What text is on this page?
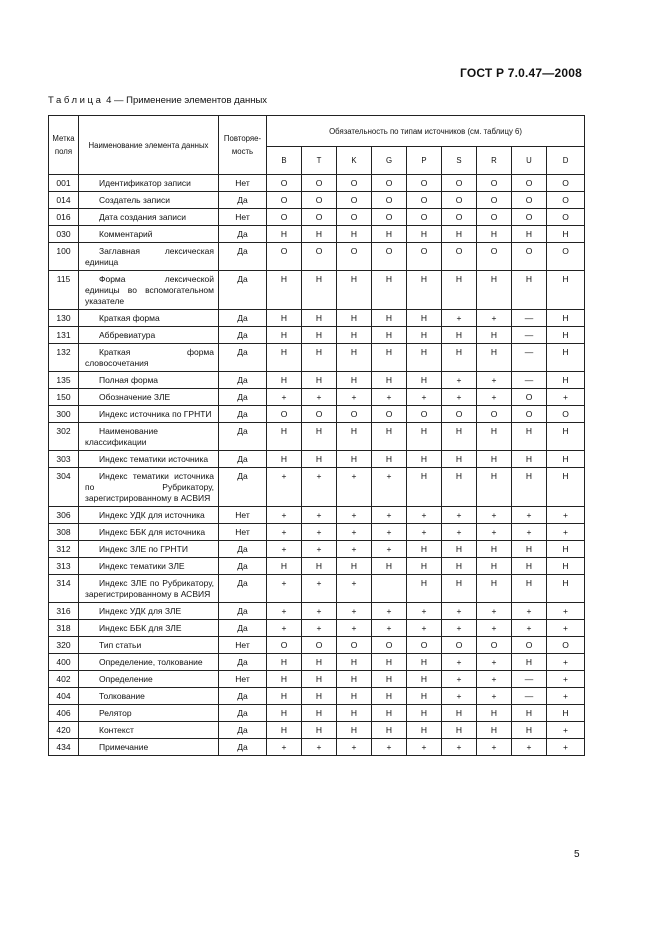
ГОСТ Р 7.0.47—2008
Таблица 4 — Применение элементов данных
Метка поля	Наименование элемента данных	Повторяе-мость	Обязательность по типам источников (см. таблицу 6)								
			B	T	K	G	P	S	R	U	D
001	Идентификатор записи	Нет	О	О	О	О	О	О	О	О	О
014	Создатель записи	Да	О	О	О	О	О	О	О	О	О
016	Дата создания записи	Нет	О	О	О	О	О	О	О	О	О
030	Комментарий	Да	Н	Н	Н	Н	Н	Н	Н	Н	Н
100	Заглавная лексическая единица	Да	О	О	О	О	О	О	О	О	О
115	Форма лексической единицы во вспомогательном указателе	Да	Н	Н	Н	Н	Н	Н	Н	Н	Н
130	Краткая форма	Да	Н	Н	Н	Н	Н	+	+	—	Н
131	Аббревиатура	Да	Н	Н	Н	Н	Н	Н	Н	—	Н
132	Краткая форма словосочетания	Да	Н	Н	Н	Н	Н	Н	Н	—	Н
135	Полная форма	Да	Н	Н	Н	Н	Н	+	+	—	Н
150	Обозначение ЗЛЕ	Да	+	+	+	+	+	+	+	О	+
300	Индекс источника по ГРНТИ	Да	О	О	О	О	О	О	О	О	О
302	Наименование классификации	Да	Н	Н	Н	Н	Н	Н	Н	Н	Н
303	Индекс тематики источника	Да	Н	Н	Н	Н	Н	Н	Н	Н	Н
304	Индекс тематики источника по Рубрикатору, зарегистрированному в АСВИЯ	Да	+	+	+	+	Н	Н	Н	Н	Н
306	Индекс УДК для источника	Нет	+	+	+	+	+	+	+	+	+
308	Индекс ББК для источника	Нет	+	+	+	+	+	+	+	+	+
312	Индекс ЗЛЕ по ГРНТИ	Да	+	+	+	+	Н	Н	Н	Н	Н
313	Индекс тематики ЗЛЕ	Да	Н	Н	Н	Н	Н	Н	Н	Н	Н
314	Индекс ЗЛЕ по Рубрикатору, зарегистрированному в АСВИЯ	Да	+	+	+		Н	Н	Н	Н	Н
316	Индекс УДК для ЗЛЕ	Да	+	+	+	+	+	+	+	+	+
318	Индекс ББК для ЗЛЕ	Да	+	+	+	+	+	+	+	+	+
320	Тип статьи	Нет	О	О	О	О	О	О	О	О	О
400	Определение, толкование	Да	Н	Н	Н	Н	Н	+	+	Н	+
402	Определение	Нет	Н	Н	Н	Н	Н	+	+	—	+
404	Толкование	Да	Н	Н	Н	Н	Н	+	+	—	+
406	Релятор	Да	Н	Н	Н	Н	Н	Н	Н	Н	Н
420	Контекст	Да	Н	Н	Н	Н	Н	Н	Н	Н	+
434	Примечание	Да	+	+	+	+	+	+	+	+	+
5
